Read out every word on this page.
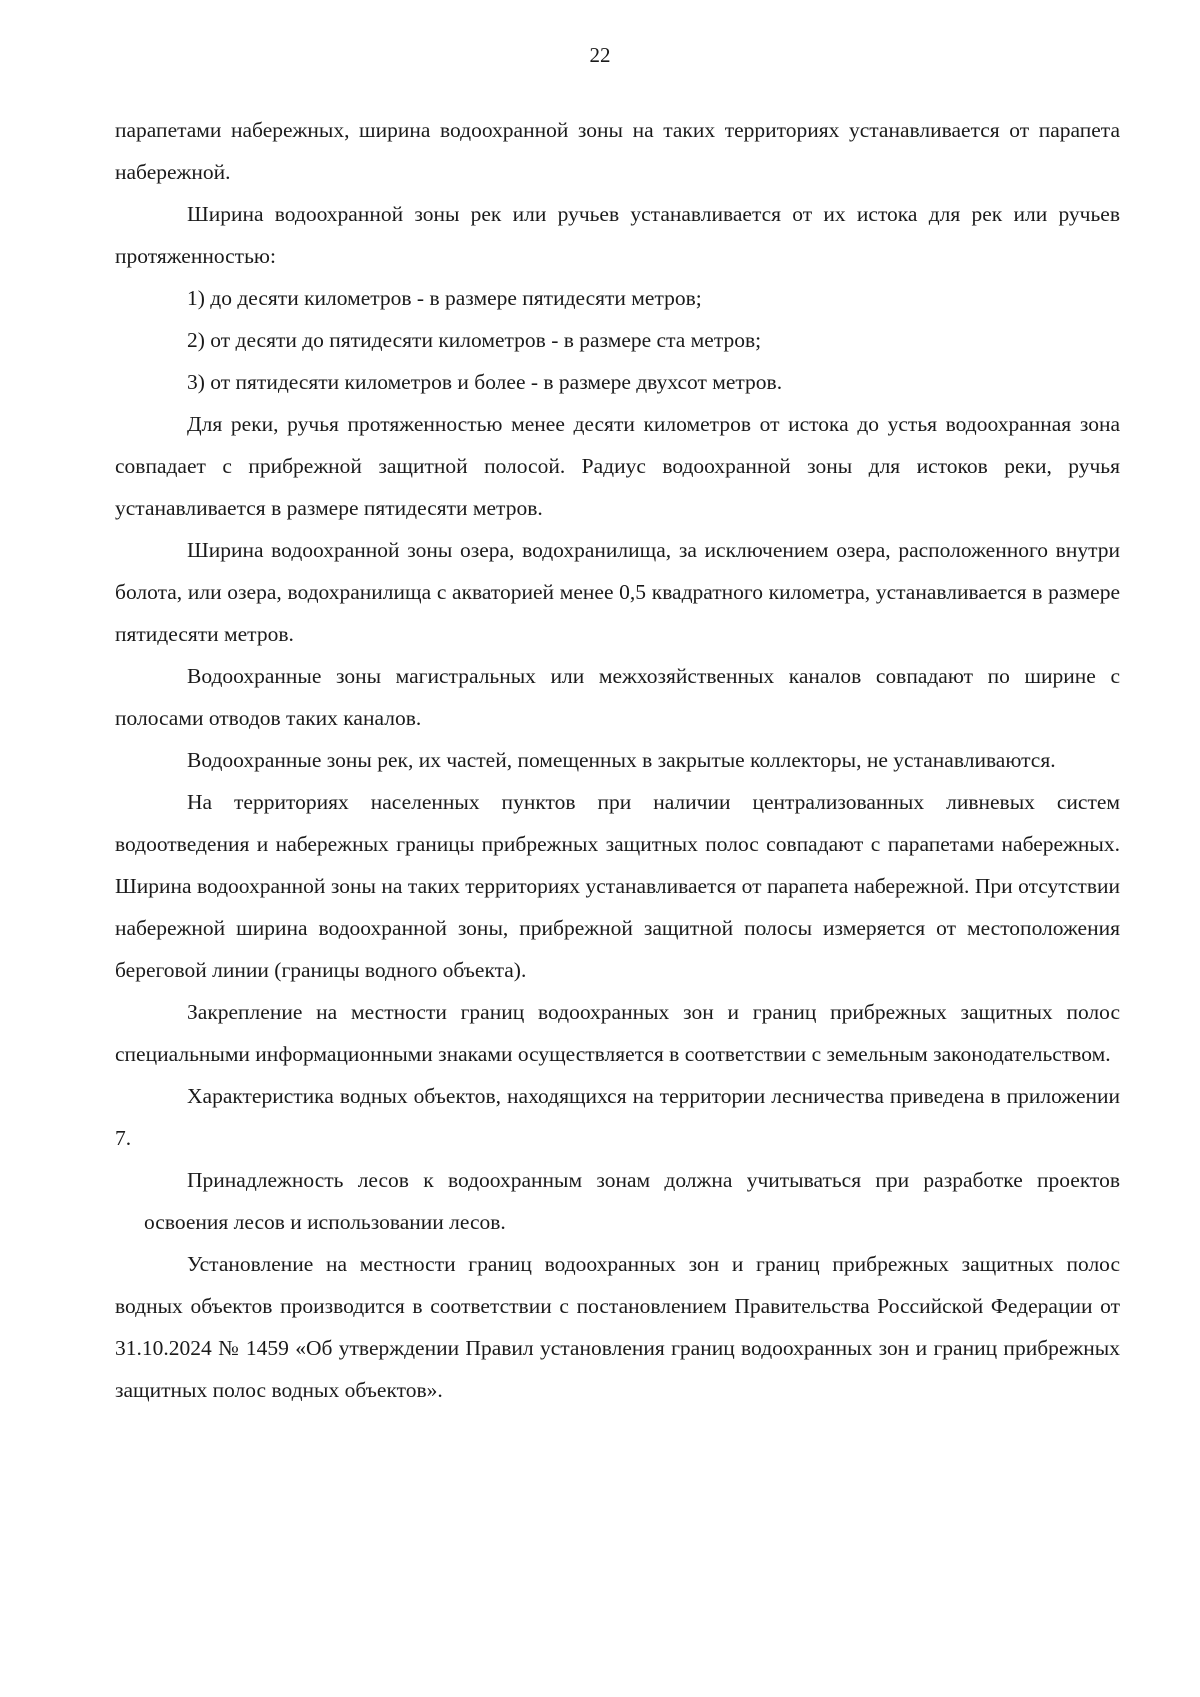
22

парапетами набережных, ширина водоохранной зоны на таких территориях устанавливается от парапета набережной.

Ширина водоохранной зоны рек или ручьев устанавливается от их истока для рек или ручьев протяженностью:

1) до десяти километров - в размере пятидесяти метров;

2) от десяти до пятидесяти километров - в размере ста метров;

3) от пятидесяти километров и более - в размере двухсот метров.

Для реки, ручья протяженностью менее десяти километров от истока до устья водоохранная зона совпадает с прибрежной защитной полосой. Радиус водоохранной зоны для истоков реки, ручья устанавливается в размере пятидесяти метров.

Ширина водоохранной зоны озера, водохранилища, за исключением озера, расположенного внутри болота, или озера, водохранилища с акваторией менее 0,5 квадратного километра, устанавливается в размере пятидесяти метров.

Водоохранные зоны магистральных или межхозяйственных каналов совпадают по ширине с полосами отводов таких каналов.

Водоохранные зоны рек, их частей, помещенных в закрытые коллекторы, не устанавливаются.

На территориях населенных пунктов при наличии централизованных ливневых систем водоотведения и набережных границы прибрежных защитных полос совпадают с парапетами набережных. Ширина водоохранной зоны на таких территориях устанавливается от парапета набережной. При отсутствии набережной ширина водоохранной зоны, прибрежной защитной полосы измеряется от местоположения береговой линии (границы водного объекта).

Закрепление на местности границ водоохранных зон и границ прибрежных защитных полос специальными информационными знаками осуществляется в соответствии с земельным законодательством.

Характеристика водных объектов, находящихся на территории лесничества приведена в приложении 7.

Принадлежность лесов к водоохранным зонам должна учитываться при разработке проектов освоения лесов и использовании лесов.

Установление на местности границ водоохранных зон и границ прибрежных защитных полос водных объектов производится в соответствии с постановлением Правительства Российской Федерации от 31.10.2024 № 1459 «Об утверждении Правил установления границ водоохранных зон и границ прибрежных защитных полос водных объектов».
